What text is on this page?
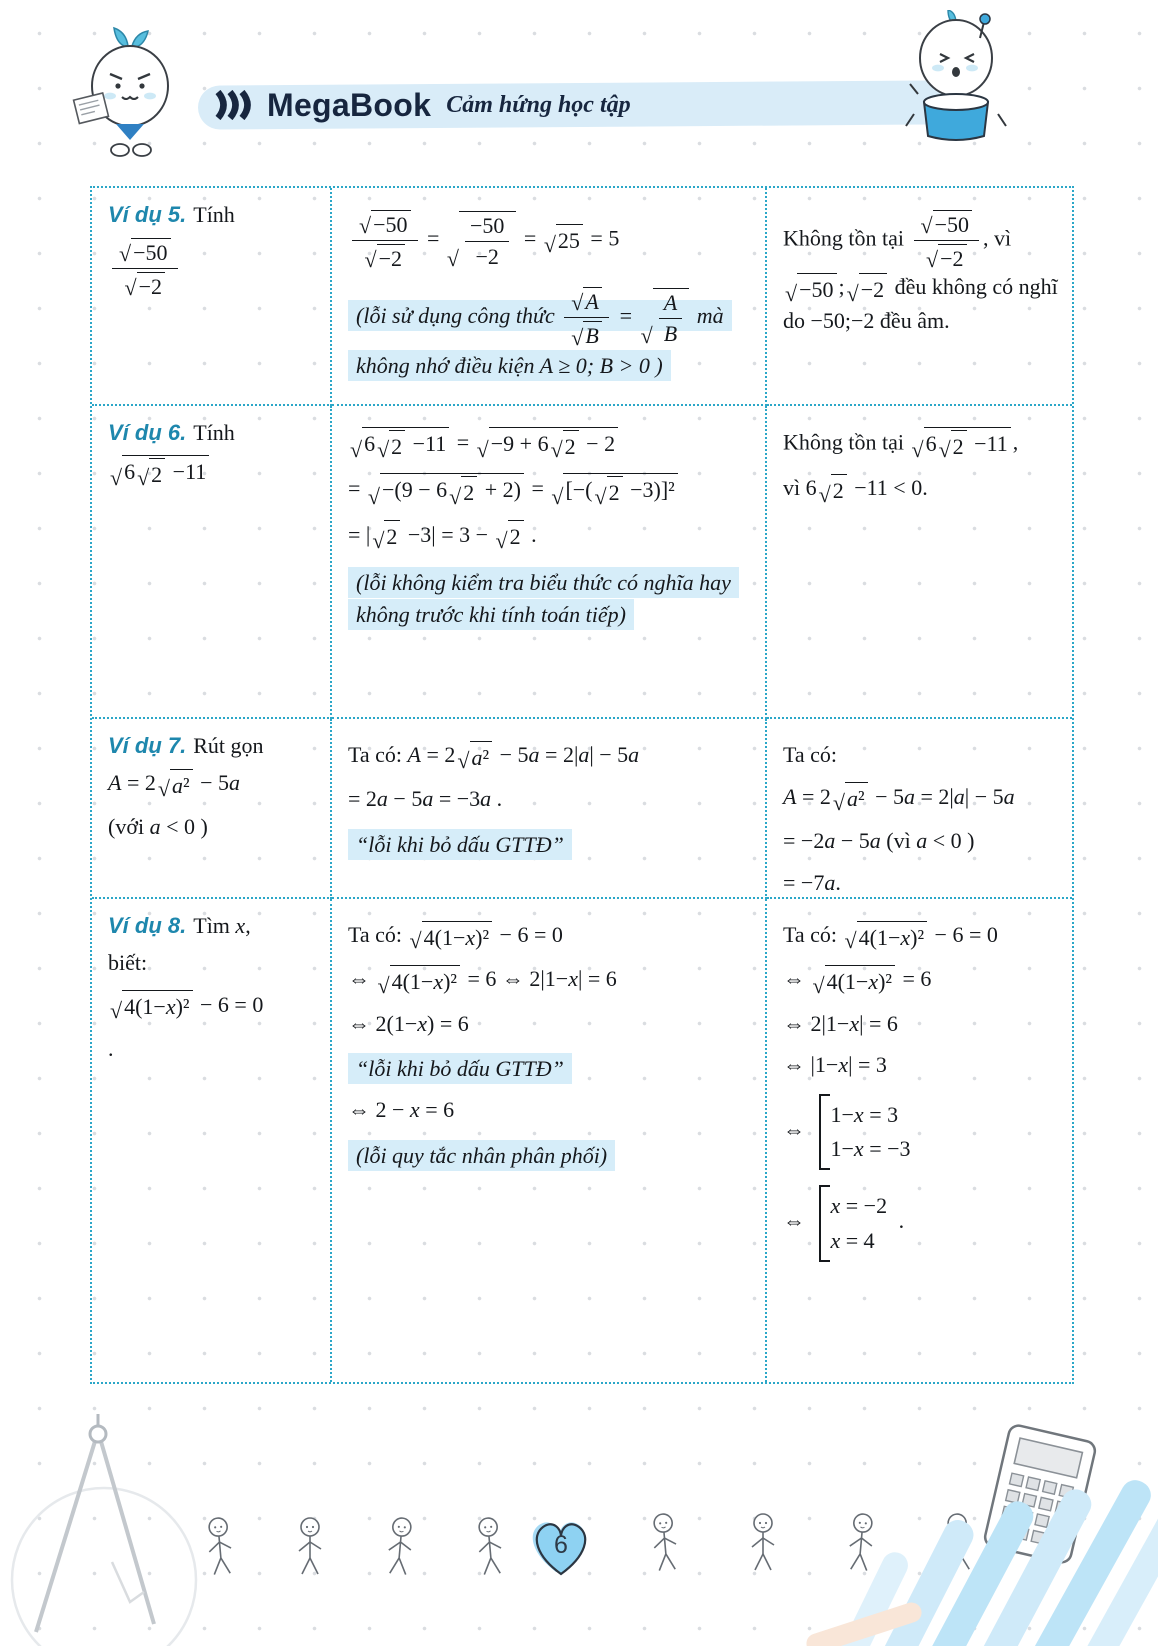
MegaBook Cảm hứng học tập
Ví dụ 5. Tính
$\frac{√ -50}{√ -2}$	$\frac{√ -50}{√ -2}$ =
√ $\frac{-50}{-2}$ = √ 25 = 5
(lỗi sử dụng công thức $\frac{√ A}{√ B}$ =
√ $\frac{A}{B}$ mà không nhớ điều kiện A ≥ 0; B > 0 )
Không tồn tại $\frac{√ -50}{√ -2}$ , vì
√ −50 ; √ −2 đều không có nghĩ do −50;−2 đều âm.
Ví dụ 6. Tính
√ 6 √ 2 −11
√ 6 √ 2 −11 = √ −9 + 6 √ 2 − 2
= √ −(9 − 6 √ 2 + 2) = √ [−( √ 2 −3)]²
= | √ 2 −3| = 3 − √ 2 .
(lỗi không kiểm tra biểu thức có nghĩa hay không trước khi tính toán tiếp)
Không tồn tại √ 6 √ 2 −11 ,
vì 6 √ 2 −11 < 0.
Ví dụ 7. Rút gọn
A = 2 √ a² − 5a
(với a < 0 )
Ta có: A = 2 √ a² − 5a = 2|a| − 5a
= 2a − 5a = −3a .
“lỗi khi bỏ dấu GTTĐ”
Ta có:
A = 2 √ a² − 5a = 2|a| − 5a
= −2a − 5a (vì a < 0 )
= −7a.
Ví dụ 8. Tìm x,
biết:
√ 4(1−x)² − 6 = 0
.
Ta có: √ 4(1−x)² − 6 = 0
⇔ √ 4(1−x)² = 6 ⇔ 2|1−x| = 6
⇔ 2(1−x) = 6
“lỗi khi bỏ dấu GTTĐ”
⇔ 2 − x = 6
(lỗi quy tắc nhân phân phối)
Ta có: √ 4(1−x)² − 6 = 0
⇔ √ 4(1−x)² = 6
⇔ 2|1−x| = 6
⇔ |1−x| = 3
⇔
1−x = 3
1−x = −3
⇔
x = −2
x = 4
.
6
